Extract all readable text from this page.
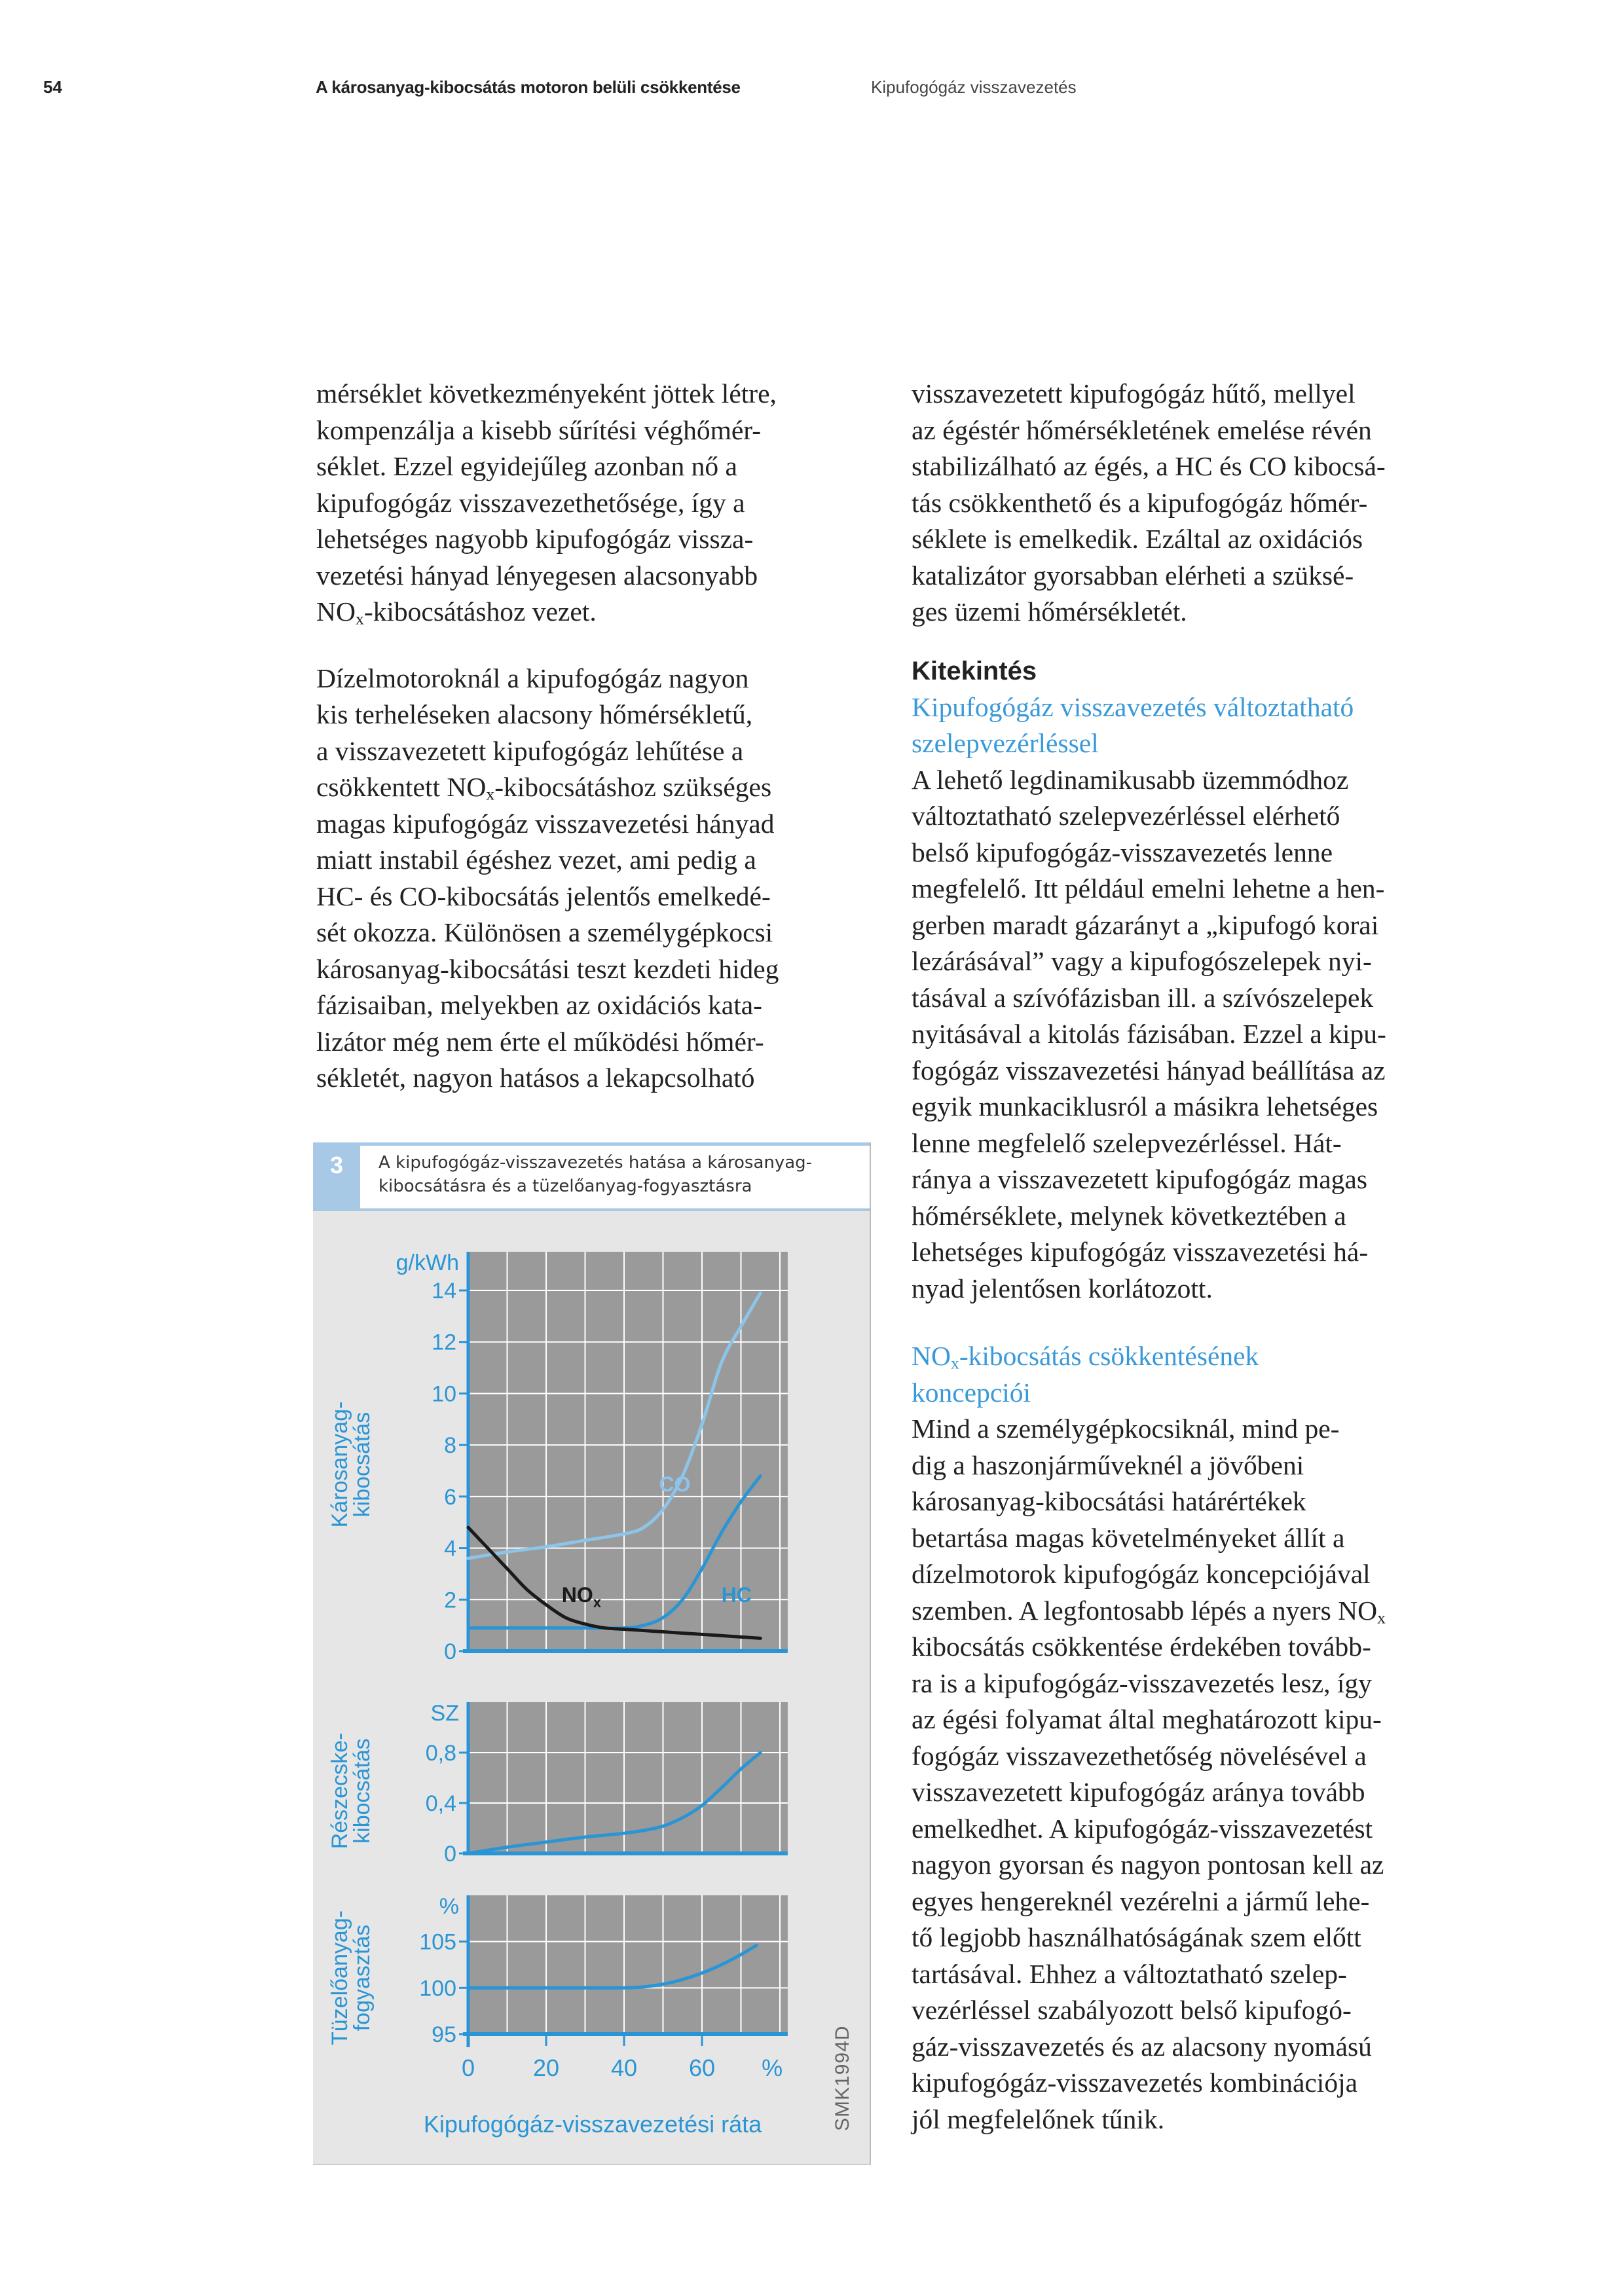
54	A károsanyag-kibocsátás motoron belüli csökkentése	Kipufogógáz visszavezetés

mérséklet következményeként jöttek létre,
kompenzálja a kisebb sűrítési véghőmér-
séklet. Ezzel egyidejűleg azonban nő a
kipufogógáz visszavezethetősége, így a
lehetséges nagyobb kipufogógáz vissza-
vezetési hányad lényegesen alacsonyabb
$NO_x$-kibocsátáshoz vezet.

Dízelmotoroknál a kipufogógáz nagyon
kis terheléseken alacsony hőmérsékletű,
a visszavezetett kipufogógáz lehűtése a
csökkentett $NO_x$-kibocsátáshoz szükséges
magas kipufogógáz visszavezetési hányad
miatt instabil égéshez vezet, ami pedig a
HC- és CO-kibocsátás jelentős emelkedé-
sét okozza. Különösen a személygépkocsi
károsanyag-kibocsátási teszt kezdeti hideg
fázisaiban, melyekben az oxidációs kata-
lizátor még nem érte el működési hőmér-
sékletét, nagyon hatásos a lekapcsolható

visszavezetett kipufogógáz hűtő, mellyel
az égéstér hőmérsékletének emelése révén
stabilizálható az égés, a HC és CO kibocsá-
tás csökkenthető és a kipufogógáz hőmér-
séklete is emelkedik. Ezáltal az oxidációs
katalizátor gyorsabban elérheti a szüksé-
ges üzemi hőmérsékletét.

Kitekintés

Kipufogógáz visszavezetés változtatható
szelepvezérléssel

A lehető legdinamikusabb üzemmódhoz
változtatható szelepvezérléssel elérhető
belső kipufogógáz-visszavezetés lenne
megfelelő. Itt például emelni lehetne a hen-
gerben maradt gázarányt a „kipufogó korai
lezárásával” vagy a kipufogószelepek nyi-
tásával a szívófázisban ill. a szívószelepek
nyitásával a kitolás fázisában. Ezzel a kipu-
fogógáz visszavezetési hányad beállítása az
egyik munkaciklusról a másikra lehetséges
lenne megfelelő szelepvezérléssel. Hát-
ránya a visszavezetett kipufogógáz magas
hőmérséklete, melynek következtében a
lehetséges kipufogógáz visszavezetési há-
nyad jelentősen korlátozott.

$NO_x$-kibocsátás csökkentésének
koncepciói

Mind a személygépkocsiknál, mind pe-
dig a haszonjárműveknél a jövőbeni
károsanyag-kibocsátási határértékek
betartása magas követelményeket állít a
dízelmotorok kipufogógáz koncepciójával
szemben. A legfontosabb lépés a nyers $NO_x$
kibocsátás csökkentése érdekében tovább-
ra is a kipufogógáz-visszavezetés lesz, így
az égési folyamat által meghatározott kipu-
fogógáz visszavezethetőség növelésével a
visszavezetett kipufogógáz aránya tovább
emelkedhet. A kipufogógáz-visszavezetést
nagyon gyorsan és nagyon pontosan kell az
egyes hengereknél vezérelni a jármű lehe-
tő legjobb használhatóságának szem előtt
tartásával. Ehhez a változtatható szelep-
vezérléssel szabályozott belső kipufogó-
gáz-visszavezetés és az alacsony nyomású
kipufogógáz-visszavezetés kombinációja
jól megfelelőnek tűnik.

3	A kipufogógáz-visszavezetés hatása a károsanyag-
kibocsátásra és a tüzelőanyag-fogyasztásra
0
2
4
6
8
10
12
14
g/kWh
Károsanyag-
kibocsátás
0
0,4
0,8
SZ
Részecske-
kibocsátás
95
100
105
%
Tüzelőanyag-
fogyasztás
0 20 40 60 %
Kipufogógáz-visszavezetési ráta
CO
HC
$NO_x$
SMK1994D
